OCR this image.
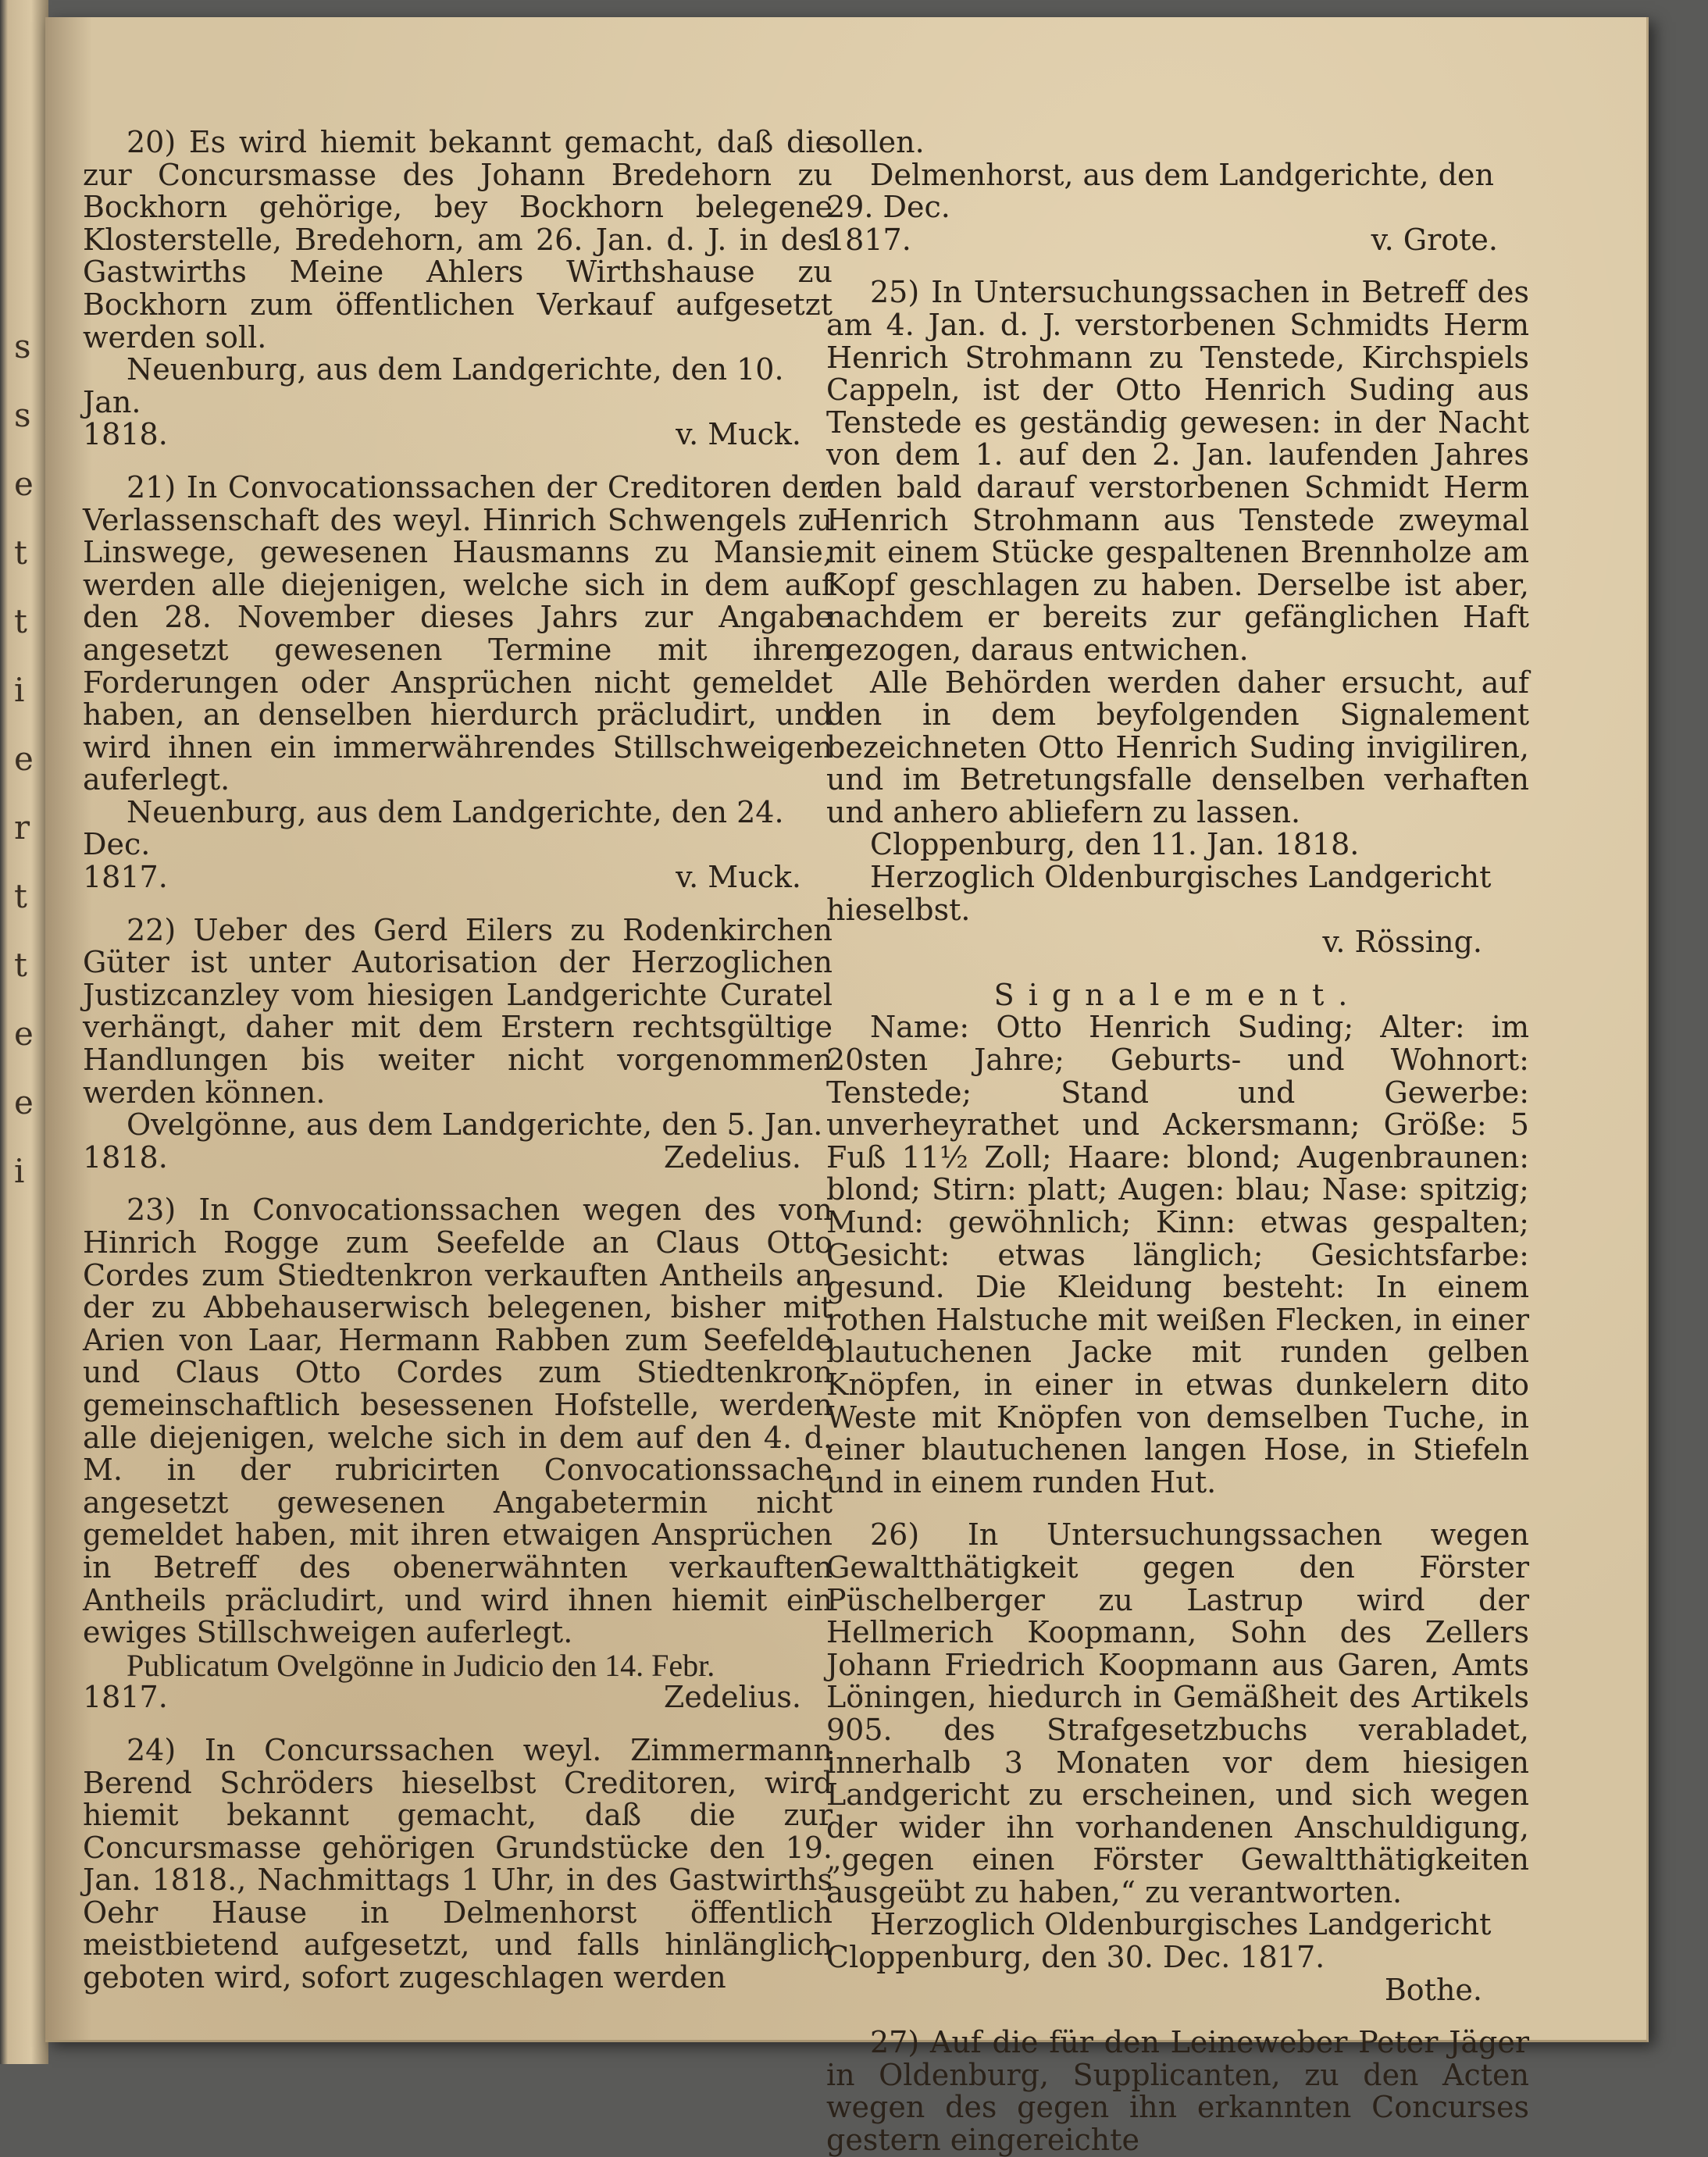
s
s
e
t
t
i
e
r
t
t
e
e
i

20) Es wird hiemit bekannt gemacht, daß die zur Concursmasse des Johann Bredehorn zu Bockhorn gehörige, bey Bockhorn belegene Klosterstelle, Bredehorn, am 26. Jan. d. J. in des Gastwirths Meine Ahlers Wirthshause zu Bockhorn zum öffentlichen Verkauf aufgesetzt werden soll.

Neuenburg, aus dem Landgerichte, den 10. Jan.

1818.	v. Muck.

21) In Convocationssachen der Creditoren der Verlassenschaft des weyl. Hinrich Schwengels zu Linswege, gewesenen Hausmanns zu Mansie, werden alle diejenigen, welche sich in dem auf den 28. November dieses Jahrs zur Angabe angesetzt gewesenen Termine mit ihren Forderungen oder Ansprüchen nicht gemeldet haben, an denselben hierdurch präcludirt, und wird ihnen ein immerwährendes Stillschweigen auferlegt.

Neuenburg, aus dem Landgerichte, den 24. Dec.

1817.	v. Muck.

22) Ueber des Gerd Eilers zu Rodenkirchen Güter ist unter Autorisation der Herzoglichen Justizcanzley vom hiesigen Landgerichte Curatel verhängt, daher mit dem Erstern rechtsgültige Handlungen bis weiter nicht vorgenommen werden können.

Ovelgönne, aus dem Landgerichte, den 5. Jan.

1818.	Zedelius.

23) In Convocationssachen wegen des von Hinrich Rogge zum Seefelde an Claus Otto Cordes zum Stiedtenkron verkauften Antheils an der zu Abbehauserwisch belegenen, bisher mit Arien von Laar, Hermann Rabben zum Seefelde und Claus Otto Cordes zum Stiedtenkron gemeinschaftlich besessenen Hofstelle, werden alle diejenigen, welche sich in dem auf den 4. d. M. in der rubricirten Convocationssache angesetzt gewesenen Angabetermin nicht gemeldet haben, mit ihren etwaigen Ansprüchen in Betreff des obenerwähnten verkauften Antheils präcludirt, und wird ihnen hiemit ein ewiges Stillschweigen auferlegt.

Publicatum Ovelgönne in Judicio den 14. Febr.

1817.	Zedelius.

24) In Concurssachen weyl. Zimmermann Berend Schröders hieselbst Creditoren, wird hiemit bekannt gemacht, daß die zur Concursmasse gehörigen Grundstücke den 19. Jan. 1818., Nachmittags 1 Uhr, in des Gastwirths Oehr Hause in Delmenhorst öffentlich meistbietend aufgesetzt, und falls hinlänglich geboten wird, sofort zugeschlagen werden

sollen.

Delmenhorst, aus dem Landgerichte, den 29. Dec.

1817.	v. Grote.

25) In Untersuchungssachen in Betreff des am 4. Jan. d. J. verstorbenen Schmidts Herm Henrich Strohmann zu Tenstede, Kirchspiels Cappeln, ist der Otto Henrich Suding aus Tenstede es geständig gewesen: in der Nacht von dem 1. auf den 2. Jan. laufenden Jahres den bald darauf verstorbenen Schmidt Herm Henrich Strohmann aus Tenstede zweymal mit einem Stücke gespaltenen Brennholze am Kopf geschlagen zu haben. Derselbe ist aber, nachdem er bereits zur gefänglichen Haft gezogen, daraus entwichen.

Alle Behörden werden daher ersucht, auf den in dem beyfolgenden Signalement bezeichneten Otto Henrich Suding invigiliren, und im Betretungsfalle denselben verhaften und anhero abliefern zu lassen.

Cloppenburg, den 11. Jan. 1818.

Herzoglich Oldenburgisches Landgericht hieselbst.

v. Rössing.

Signalement.

Name: Otto Henrich Suding; Alter: im 20sten Jahre; Geburts- und Wohnort: Tenstede; Stand und Gewerbe: unverheyrathet und Ackersmann; Größe: 5 Fuß 11½ Zoll; Haare: blond; Augenbraunen: blond; Stirn: platt; Augen: blau; Nase: spitzig; Mund: gewöhnlich; Kinn: etwas gespalten; Gesicht: etwas länglich; Gesichtsfarbe: gesund. Die Kleidung besteht: In einem rothen Halstuche mit weißen Flecken, in einer blautuchenen Jacke mit runden gelben Knöpfen, in einer in etwas dunkelern dito Weste mit Knöpfen von demselben Tuche, in einer blautuchenen langen Hose, in Stiefeln und in einem runden Hut.

26) In Untersuchungssachen wegen Gewaltthätigkeit gegen den Förster Püschelberger zu Lastrup wird der Hellmerich Koopmann, Sohn des Zellers Johann Friedrich Koopmann aus Garen, Amts Löningen, hiedurch in Gemäßheit des Artikels 905. des Strafgesetzbuchs verabladet, innerhalb 3 Monaten vor dem hiesigen Landgericht zu erscheinen, und sich wegen der wider ihn vorhandenen Anschuldigung, „gegen einen Förster Gewaltthätigkeiten ausgeübt zu haben,“ zu verantworten.

Herzoglich Oldenburgisches Landgericht Cloppenburg, den 30. Dec. 1817.

Bothe.

27) Auf die für den Leineweber Peter Jäger in Oldenburg, Supplicanten, zu den Acten wegen des gegen ihn erkannten Concurses gestern eingereichte
